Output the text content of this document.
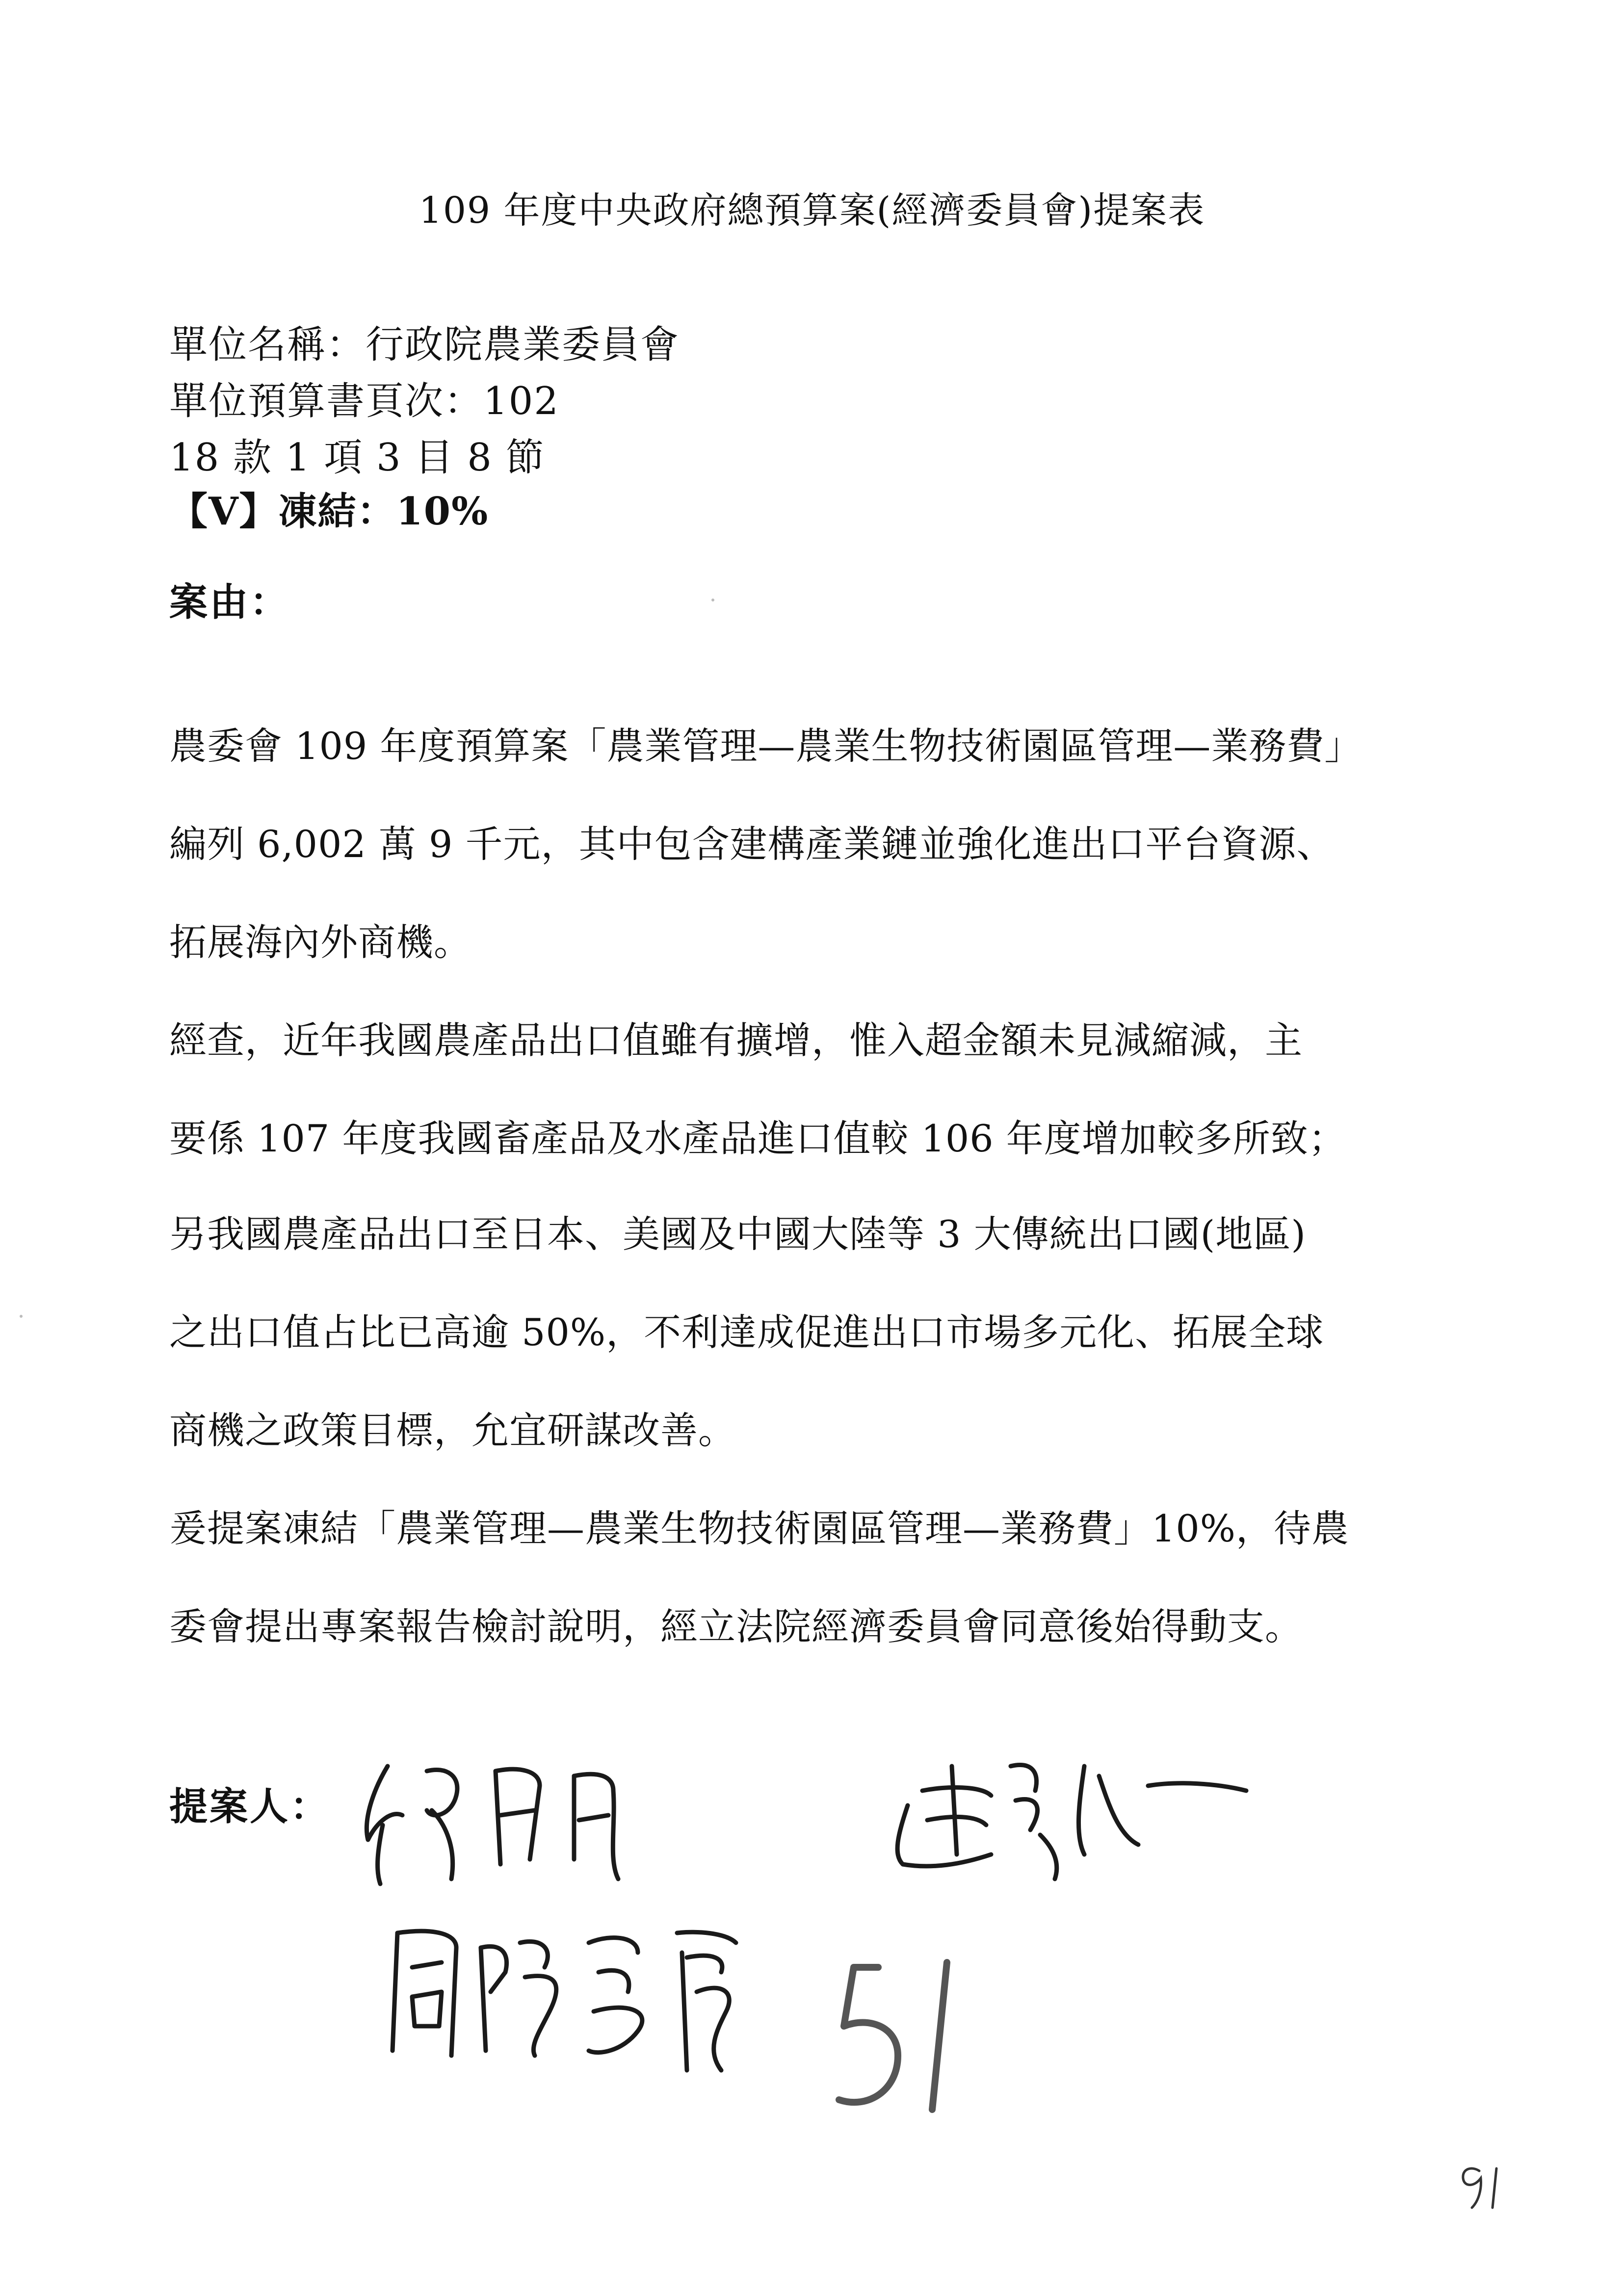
109 年度中央政府總預算案(經濟委員會)提案表
單位名稱：行政院農業委員會
單位預算書頁次：102
18 款 1 項 3 目 8 節
【V】凍結：10%
案由：
農委會 109 年度預算案「農業管理—農業生物技術園區管理—業務費」
編列 6,002 萬 9 千元，其中包含建構產業鏈並強化進出口平台資源、
拓展海內外商機。
經查，近年我國農產品出口值雖有擴增，惟入超金額未見減縮減，主
要係 107 年度我國畜產品及水產品進口值較 106 年度增加較多所致；
另我國農產品出口至日本、美國及中國大陸等 3 大傳統出口國(地區)
之出口值占比已高逾 50%，不利達成促進出口市場多元化、拓展全球
商機之政策目標，允宜研謀改善。
爰提案凍結「農業管理—農業生物技術園區管理—業務費」10%，待農
委會提出專案報告檢討說明，經立法院經濟委員會同意後始得動支。
提案人：
51
91
